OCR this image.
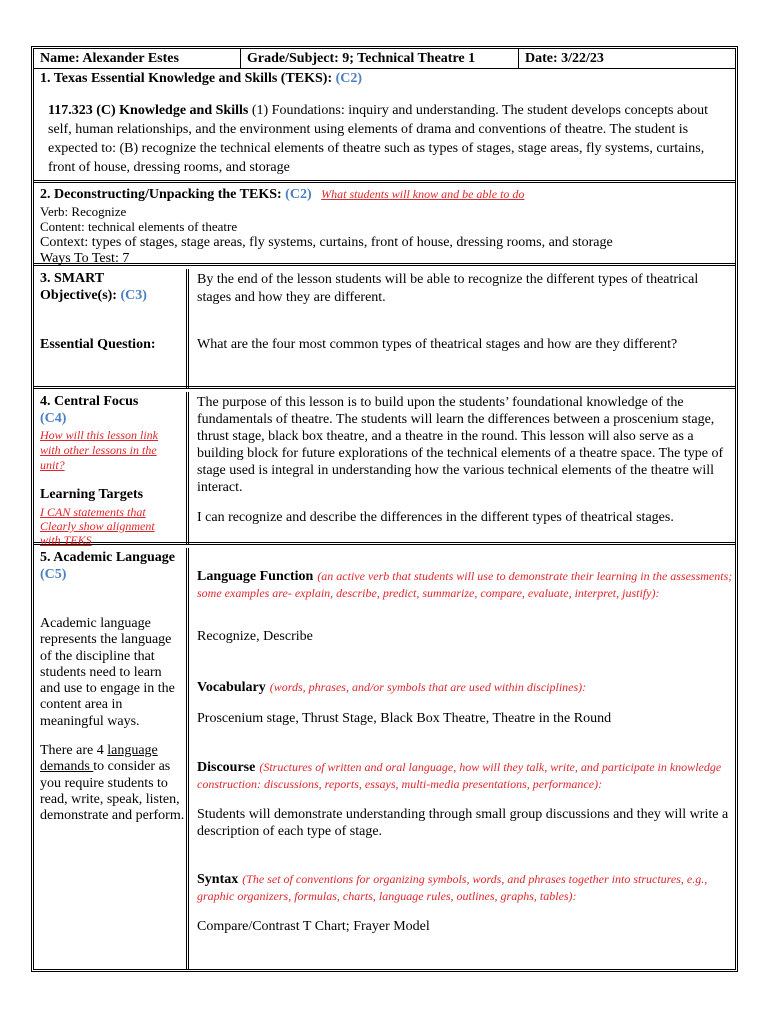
Name: Alexander Estes	Grade/Subject: 9; Technical Theatre 1	Date: 3/22/23
1. Texas Essential Knowledge and Skills (TEKS): (C2)
117.323 (C) Knowledge and Skills (1) Foundations: inquiry and understanding. The student develops concepts about self, human relationships, and the environment using elements of drama and conventions of theatre. The student is expected to: (B) recognize the technical elements of theatre such as types of stages, stage areas, fly systems, curtains, front of house, dressing rooms, and storage
2. Deconstructing/Unpacking the TEKS: (C2) What students will know and be able to do
Verb: Recognize
Content: technical elements of theatre
Context: types of stages, stage areas, fly systems, curtains, front of house, dressing rooms, and storage
Ways To Test: 7
3. SMART
Objective(s): (C3)
Essential Question:
By the end of the lesson students will be able to recognize the different types of theatrical stages and how they are different.
What are the four most common types of theatrical stages and how are they different?
4. Central Focus
(C4)
How will this lesson link with other lessons in the unit?
Learning Targets
I CAN statements that Clearly show alignment with TEKS
The purpose of this lesson is to build upon the students’ foundational knowledge of the fundamentals of theatre. The students will learn the differences between a proscenium stage, thrust stage, black box theatre, and a theatre in the round. This lesson will also serve as a building block for future explorations of the technical elements of a theatre space. The type of stage used is integral in understanding how the various technical elements of the theatre will interact.
I can recognize and describe the differences in the different types of theatrical stages.
5. Academic Language
(C5)
Academic language represents the language of the discipline that students need to learn and use to engage in the content area in meaningful ways.
There are 4 language demands to consider as you require students to read, write, speak, listen, demonstrate and perform.
Language Function (an active verb that students will use to demonstrate their learning in the assessments; some examples are- explain, describe, predict, summarize, compare, evaluate, interpret, justify):
Recognize, Describe
Vocabulary (words, phrases, and/or symbols that are used within disciplines):
Proscenium stage, Thrust Stage, Black Box Theatre, Theatre in the Round
Discourse (Structures of written and oral language, how will they talk, write, and participate in knowledge construction: discussions, reports, essays, multi-media presentations, performance):
Students will demonstrate understanding through small group discussions and they will write a description of each type of stage.
Syntax (The set of conventions for organizing symbols, words, and phrases together into structures, e.g., graphic organizers, formulas, charts, language rules, outlines, graphs, tables):
Compare/Contrast T Chart; Frayer Model
